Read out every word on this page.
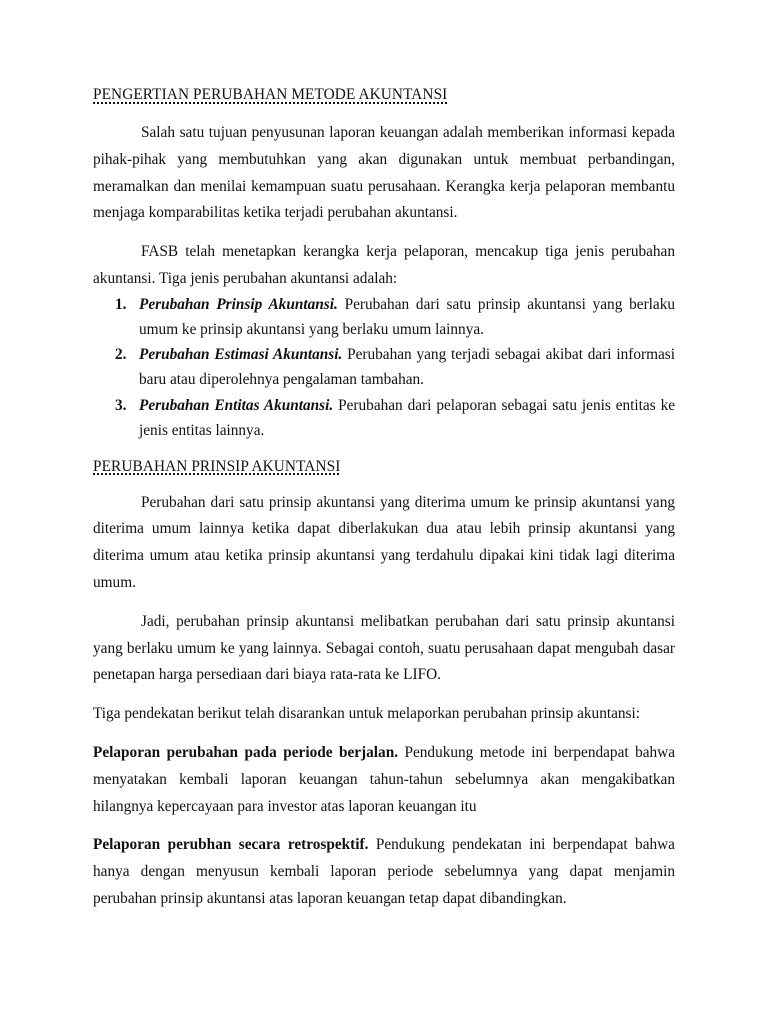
PENGERTIAN PERUBAHAN METODE AKUNTANSI

Salah satu tujuan penyusunan laporan keuangan adalah memberikan informasi kepada pihak-pihak yang membutuhkan yang akan digunakan untuk membuat perbandingan, meramalkan dan menilai kemampuan suatu perusahaan. Kerangka kerja pelaporan membantu menjaga komparabilitas ketika terjadi perubahan akuntansi.

FASB telah menetapkan kerangka kerja pelaporan, mencakup tiga jenis perubahan akuntansi. Tiga jenis perubahan akuntansi adalah:

1. Perubahan Prinsip Akuntansi. Perubahan dari satu prinsip akuntansi yang berlaku umum ke prinsip akuntansi yang berlaku umum lainnya.
2. Perubahan Estimasi Akuntansi. Perubahan yang terjadi sebagai akibat dari informasi baru atau diperolehnya pengalaman tambahan.
3. Perubahan Entitas Akuntansi. Perubahan dari pelaporan sebagai satu jenis entitas ke jenis entitas lainnya.
PERUBAHAN PRINSIP AKUNTANSI

Perubahan dari satu prinsip akuntansi yang diterima umum ke prinsip akuntansi yang diterima umum lainnya ketika dapat diberlakukan dua atau lebih prinsip akuntansi yang diterima umum atau ketika prinsip akuntansi yang terdahulu dipakai kini tidak lagi diterima umum.

Jadi, perubahan prinsip akuntansi melibatkan perubahan dari satu prinsip akuntansi yang berlaku umum ke yang lainnya. Sebagai contoh, suatu perusahaan dapat mengubah dasar penetapan harga persediaan dari biaya rata-rata ke LIFO.

Tiga pendekatan berikut telah disarankan untuk melaporkan perubahan prinsip akuntansi:

Pelaporan perubahan pada periode berjalan. Pendukung metode ini berpendapat bahwa menyatakan kembali laporan keuangan tahun-tahun sebelumnya akan mengakibatkan hilangnya kepercayaan para investor atas laporan keuangan itu

Pelaporan perubhan secara retrospektif. Pendukung pendekatan ini berpendapat bahwa hanya dengan menyusun kembali laporan periode sebelumnya yang dapat menjamin perubahan prinsip akuntansi atas laporan keuangan tetap dapat dibandingkan.
